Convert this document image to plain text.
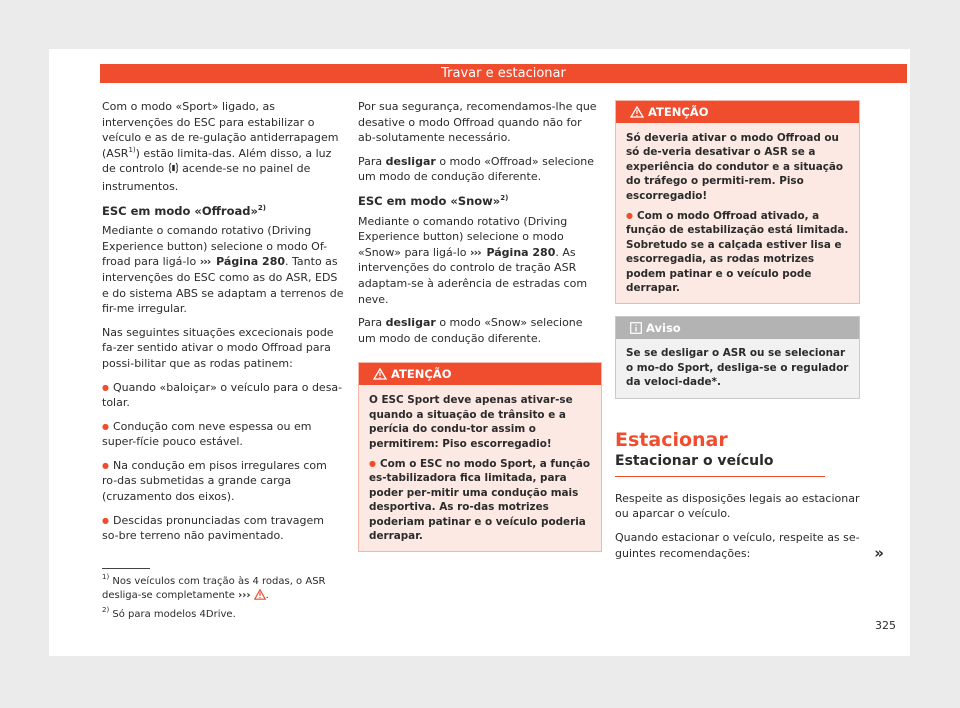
Travar e estacionar

Com o modo «Sport» ligado, as intervenções do ESC para estabilizar o veículo e as de re-gulação antiderrapagem (ASR$^{1)}$) estão limita-das. Além disso, a luz de controlo acende-se no painel de instrumentos.

ESC em modo «Offroad»$^{2)}$

Mediante o comando rotativo (Driving Experience button) selecione o modo Of-froad para ligá-lo ››› Página 280. Tanto as intervenções do ESC como as do ASR, EDS e do sistema ABS se adaptam a terrenos de fir-me irregular.

Nas seguintes situações excecionais pode fa-zer sentido ativar o modo Offroad para possi-bilitar que as rodas patinem:

● Quando «baloiçar» o veículo para o desa-tolar.

● Condução com neve espessa ou em super-fície pouco estável.

● Na condução em pisos irregulares com ro-das submetidas a grande carga (cruzamento dos eixos).

● Descidas pronunciadas com travagem so-bre terreno não pavimentado.

Por sua segurança, recomendamos-lhe que desative o modo Offroad quando não for ab-solutamente necessário.

Para desligar o modo «Offroad» selecione um modo de condução diferente.

ESC em modo «Snow»$^{2)}$

Mediante o comando rotativo (Driving Experience button) selecione o modo «Snow» para ligá-lo ››› Página 280. As intervenções do controlo de tração ASR adaptam-se à aderência de estradas com neve.

Para desligar o modo «Snow» selecione um modo de condução diferente.

ATENÇÃO

O ESC Sport deve apenas ativar-se quando a situação de trânsito e a perícia do condu-tor assim o permitirem: Piso escorregadio!

● Com o ESC no modo Sport, a função es-tabilizadora fica limitada, para poder per-mitir uma condução mais desportiva. As ro-das motrizes poderiam patinar e o veículo poderia derrapar.

ATENÇÃO

Só deveria ativar o modo Offroad ou só de-veria desativar o ASR se a experiência do condutor e a situação do tráfego o permiti-rem. Piso escorregadio!

● Com o modo Offroad ativado, a função de estabilização está limitada. Sobretudo se a calçada estiver lisa e escorregadia, as rodas motrizes podem patinar e o veículo pode derrapar.

Aviso

Se se desligar o ASR ou se selecionar o mo-do Sport, desliga-se o regulador da veloci-dade*.

Estacionar
Estacionar o veículo

Respeite as disposições legais ao estacionar ou aparcar o veículo.

Quando estacionar o veículo, respeite as se-guintes recomendações:	»

$^{1)}$ Nos veículos com tração às 4 rodas, o ASR desliga-se completamente ››› .

$^{2)}$ Só para modelos 4Drive.

325
